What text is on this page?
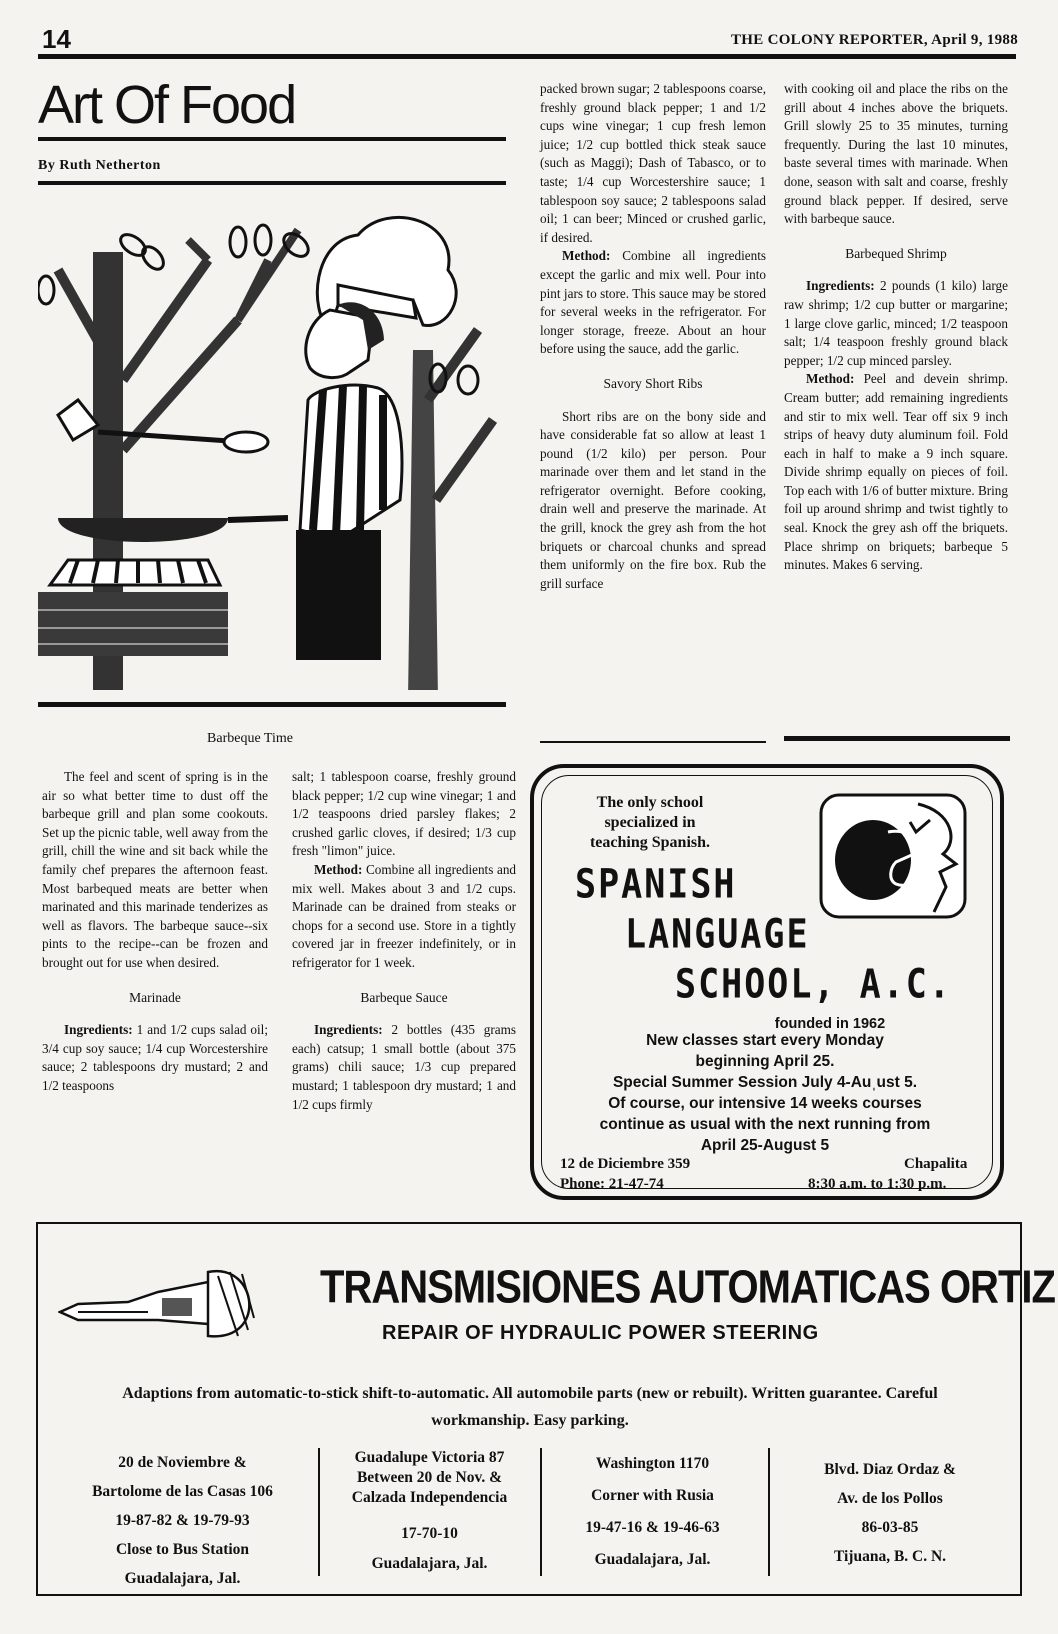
14	THE COLONY REPORTER, April 9, 1988
Art Of Food
By Ruth Netherton
Barbeque Time

The feel and scent of spring is in the air so what better time to dust off the barbeque grill and plan some cookouts. Set up the picnic table, well away from the grill, chill the wine and sit back while the family chef prepares the afternoon feast. Most barbequed meats are better when marinated and this marinade tenderizes as well as flavors. The barbeque sauce--six pints to the recipe--can be frozen and brought out for use when desired.

Marinade

Ingredients: 1 and 1/2 cups salad oil; 3/4 cup soy sauce; 1/4 cup Worcestershire sauce; 2 tablespoons dry mustard; 2 and 1/2 teaspoons

salt; 1 tablespoon coarse, freshly ground black pepper; 1/2 cup wine vinegar; 1 and 1/2 teaspoons dried parsley flakes; 2 crushed garlic cloves, if desired; 1/3 cup fresh "limon" juice.

Method: Combine all ingredients and mix well. Makes about 3 and 1/2 cups. Marinade can be drained from steaks or chops for a second use. Store in a tightly covered jar in freezer indefinitely, or in refrigerator for 1 week.

Barbeque Sauce

Ingredients: 2 bottles (435 grams each) catsup; 1 small bottle (about 375 grams) chili sauce; 1/3 cup prepared mustard; 1 tablespoon dry mustard; 1 and 1/2 cups firmly

packed brown sugar; 2 tablespoons coarse, freshly ground black pepper; 1 and 1/2 cups wine vinegar; 1 cup fresh lemon juice; 1/2 cup bottled thick steak sauce (such as Maggi); Dash of Tabasco, or to taste; 1/4 cup Worcestershire sauce; 1 tablespoon soy sauce; 2 tablespoons salad oil; 1 can beer; Minced or crushed garlic, if desired.

Method: Combine all ingredients except the garlic and mix well. Pour into pint jars to store. This sauce may be stored for several weeks in the refrigerator. For longer storage, freeze. About an hour before using the sauce, add the garlic.

Savory Short Ribs

Short ribs are on the bony side and have considerable fat so allow at least 1 pound (1/2 kilo) per person. Pour marinade over them and let stand in the refrigerator overnight. Before cooking, drain well and preserve the marinade. At the grill, knock the grey ash from the hot briquets or charcoal chunks and spread them uniformly on the fire box. Rub the grill surface

with cooking oil and place the ribs on the grill about 4 inches above the briquets. Grill slowly 25 to 35 minutes, turning frequently. During the last 10 minutes, baste several times with marinade. When done, season with salt and coarse, freshly ground black pepper. If desired, serve with barbeque sauce.

Barbequed Shrimp

Ingredients: 2 pounds (1 kilo) large raw shrimp; 1/2 cup butter or margarine; 1 large clove garlic, minced; 1/2 teaspoon salt; 1/4 teaspoon freshly ground black pepper; 1/2 cup minced parsley.

Method: Peel and devein shrimp. Cream butter; add remaining ingredients and stir to mix well. Tear off six 9 inch strips of heavy duty aluminum foil. Fold each in half to make a 9 inch square. Divide shrimp equally on pieces of foil. Top each with 1/6 of butter mixture. Bring foil up around shrimp and twist tightly to seal. Knock the grey ash off the briquets. Place shrimp on briquets; barbeque 5 minutes. Makes 6 serving.

The only school specialized in teaching Spanish.
SPANISH
LANGUAGE
SCHOOL, A.C.
founded in 1962
New classes start every Monday
beginning April 25.
Special Summer Session July 4-Auˌust 5.
Of course, our intensive 14 weeks courses
continue as usual with the next running from
April 25-August 5
12 de Diciembre 359	Chapalita
Phone: 21-47-74	8:30 a.m. to 1:30 p.m.
TRANSMISIONES AUTOMATICAS ORTIZ
REPAIR OF HYDRAULIC POWER STEERING
Adaptions from automatic-to-stick shift-to-automatic. All automobile parts (new or rebuilt). Written guarantee. Careful workmanship. Easy parking.
20 de Noviembre &
Bartolome de las Casas 106
19-87-82 & 19-79-93
Close to Bus Station
Guadalajara, Jal.
Guadalupe Victoria 87
Between 20 de Nov. &
Calzada Independencia
17-70-10
Guadalajara, Jal.
Washington 1170
Corner with Rusia
19-47-16 & 19-46-63
Guadalajara, Jal.
Blvd. Diaz Ordaz &
Av. de los Pollos
86-03-85
Tijuana, B. C. N.
